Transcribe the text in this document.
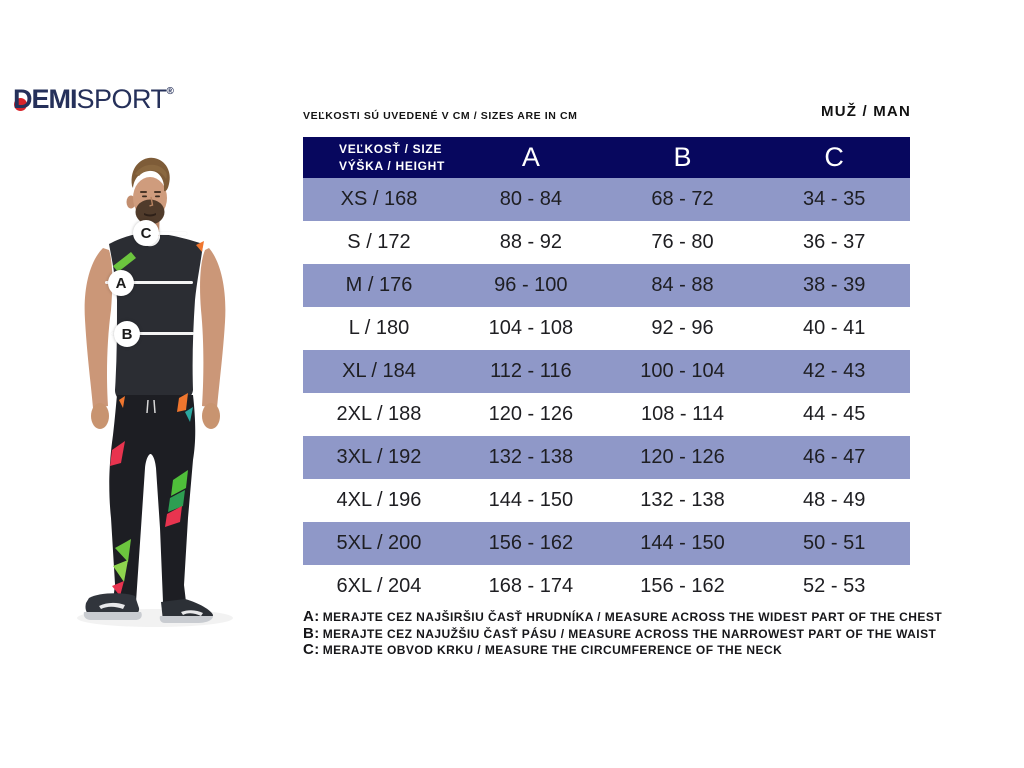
DEMISPORT®
VEĽKOSTI SÚ UVEDENÉ V CM / SIZES ARE IN CM	MUŽ / MAN
C
A
B
VEĽKOSŤ / SIZE
VÝŠKA / HEIGHT	A	B	C
XS / 168	80 - 84	68 - 72	34 - 35
S / 172	88 - 92	76 - 80	36 - 37
M / 176	96 - 100	84 - 88	38 - 39
L / 180	104 - 108	92 - 96	40 - 41
XL / 184	112 - 116	100 - 104	42 - 43
2XL / 188	120 - 126	108 - 114	44 - 45
3XL / 192	132 - 138	120 - 126	46 - 47
4XL / 196	144 - 150	132 - 138	48 - 49
5XL / 200	156 - 162	144 - 150	50 - 51
6XL / 204	168 - 174	156 - 162	52 - 53
A: MERAJTE CEZ NAJŠIRŠIU ČASŤ HRUDNÍKA / MEASURE ACROSS THE WIDEST PART OF THE CHEST
B: MERAJTE CEZ NAJUŽŠIU ČASŤ PÁSU / MEASURE ACROSS THE NARROWEST PART OF THE WAIST
C: MERAJTE OBVOD KRKU / MEASURE THE CIRCUMFERENCE OF THE NECK
